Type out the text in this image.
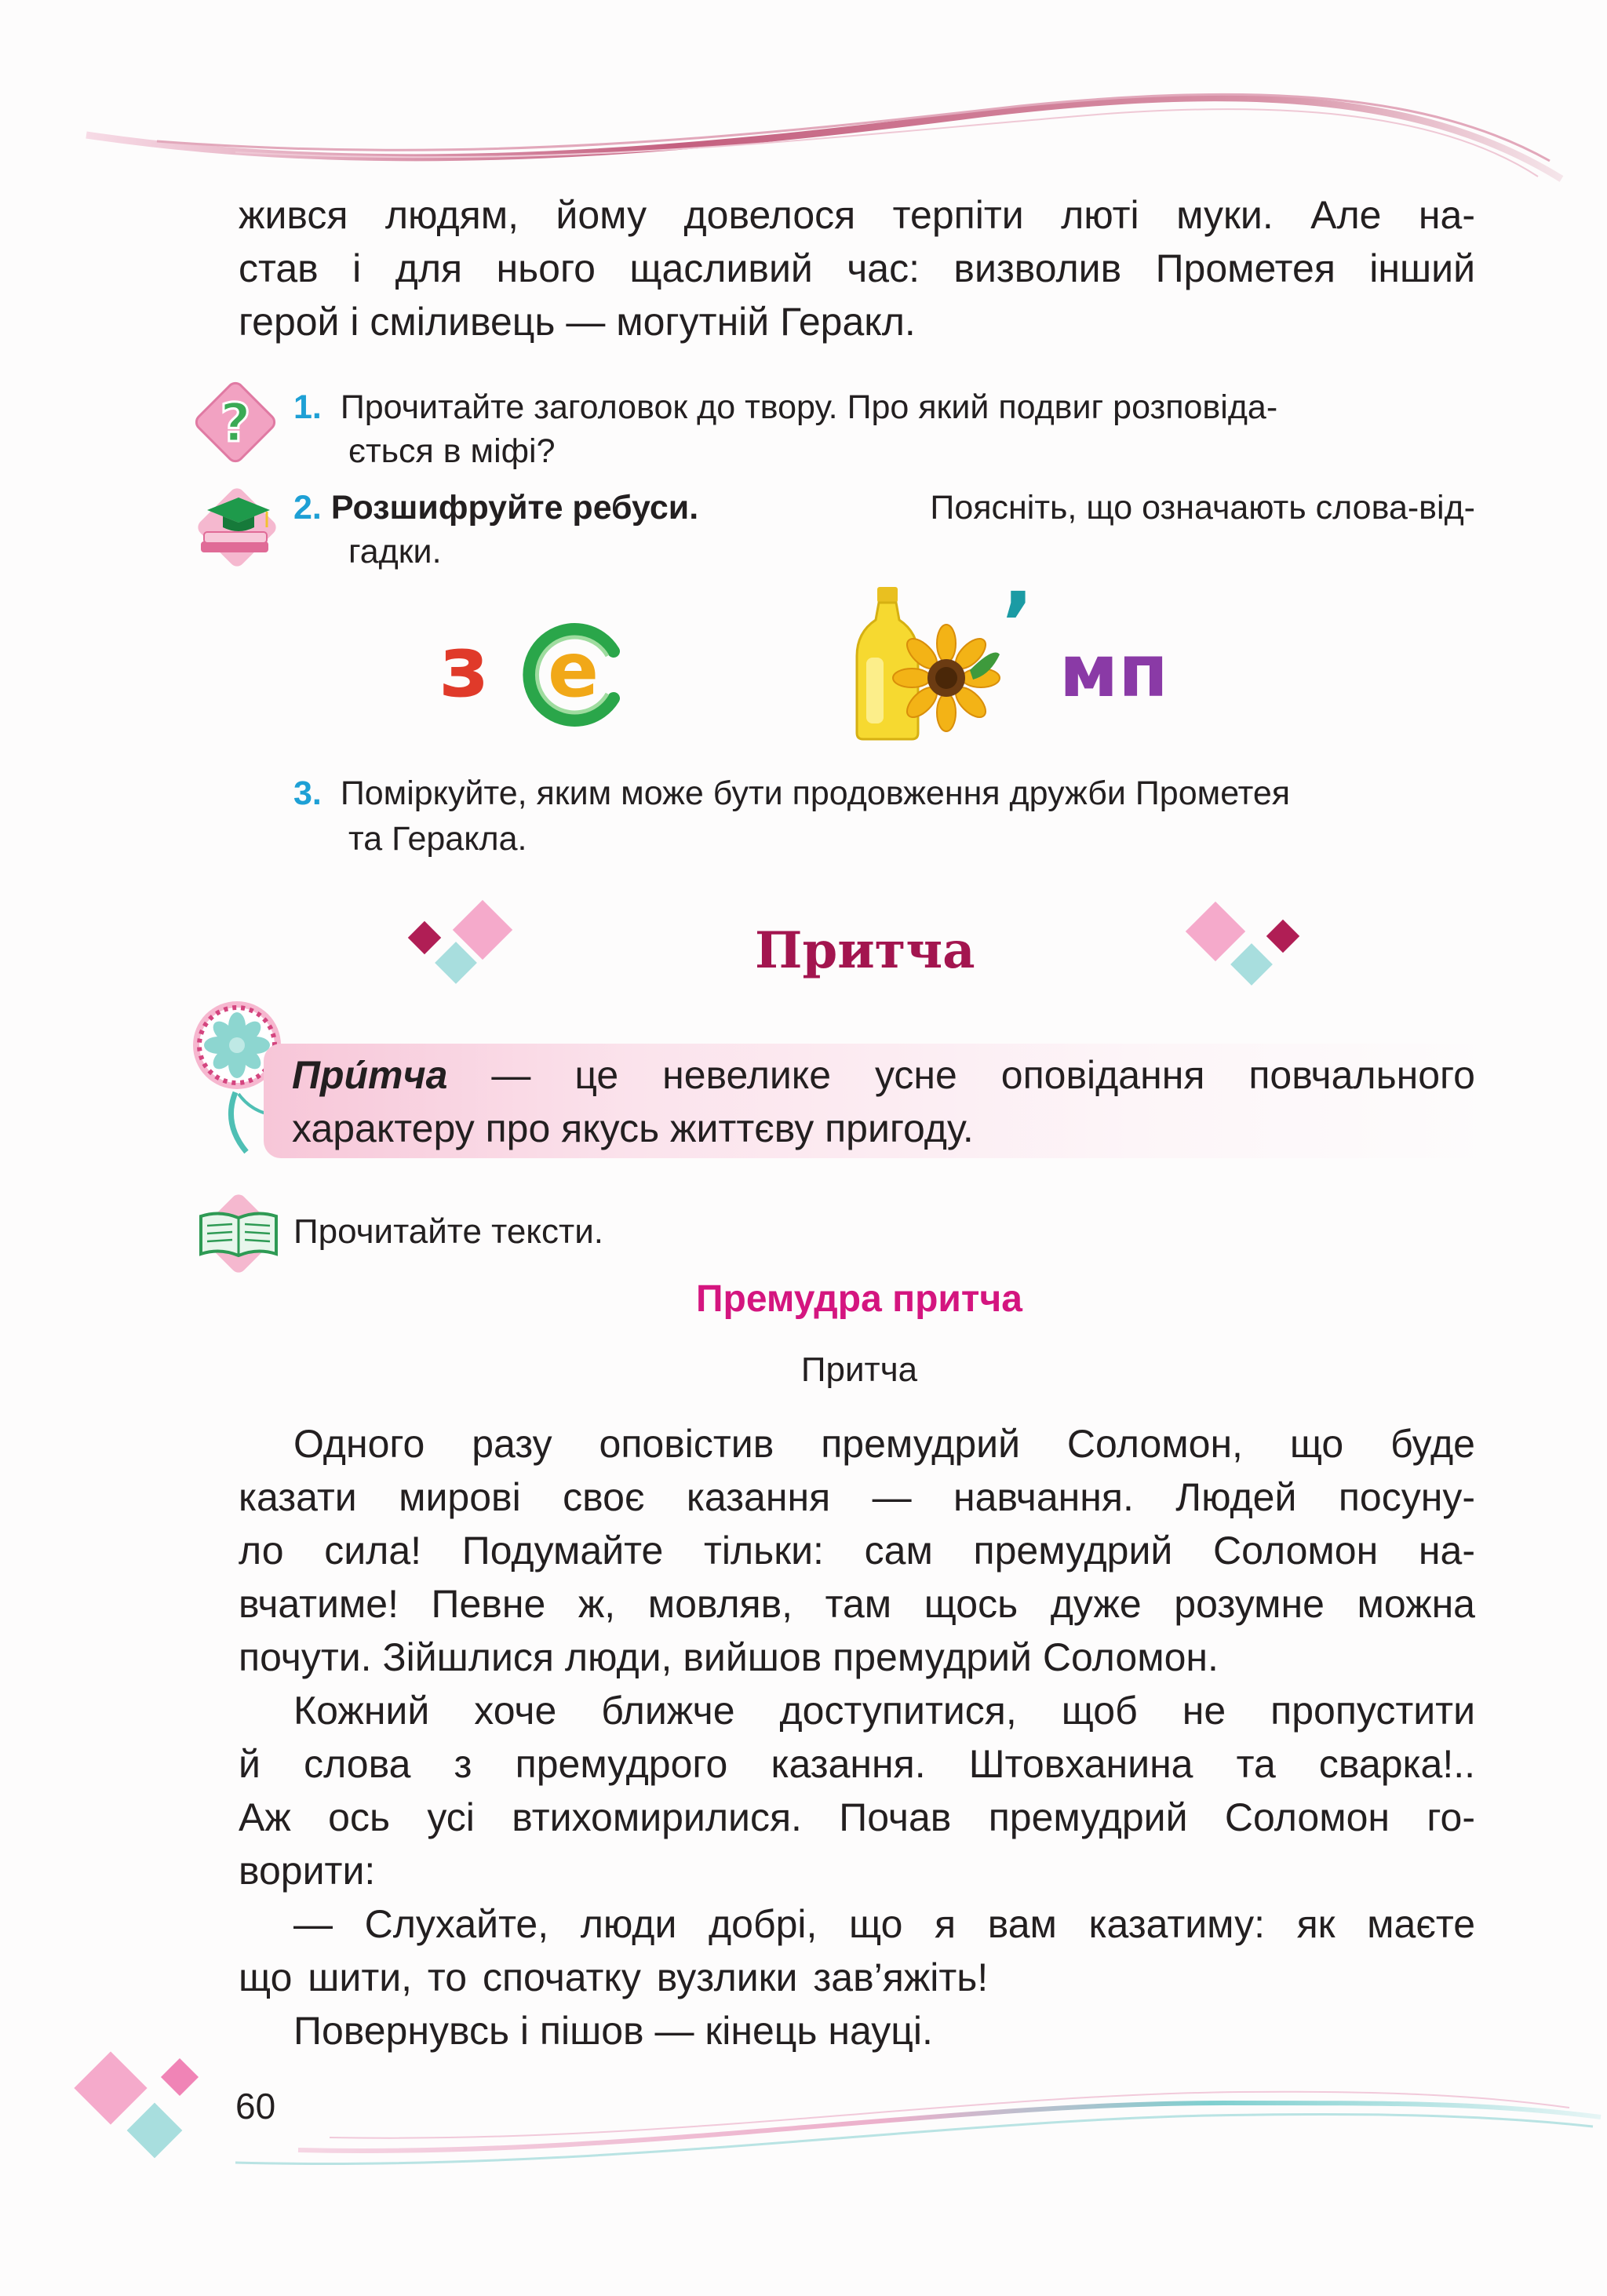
жився людям, йому довелося терпіти люті муки. Але на-
став і для нього щасливий час: визволив Прометея інший
герой і сміливець — могутній Геракл.
? 1. Прочитайте заголовок до твору. Про який подвиг розповіда-
ється в міфі?
2. Розшифруйте ребуси.	Поясніть, що означають слова-від-
гадки.
з е	’ мп
3. Поміркуйте, яким може бути продовження дружби Прометея
та Геракла.
Притча
При́тча — це невелике усне оповідання повчального
характеру про якусь життєву пригоду.
Прочитайте тексти.
Премудра притча
Притча
Одного разу оповістив премудрий Соломон, що буде
казати мирові своє казання — навчання. Людей посуну-
ло сила! Подумайте тільки: сам премудрий Соломон на-
вчатиме! Певне ж, мовляв, там щось дуже розумне можна
почути. Зійшлися люди, вийшов премудрий Соломон.
Кожний хоче ближче доступитися, щоб не пропустити
й слова з премудрого казання. Штовханина та сварка!..
Аж ось усі втихомирилися. Почав премудрий Соломон го-
ворити:
— Слухайте, люди добрі, що я вам казатиму: як маєте
що шити, то спочатку вузлики зав’яжіть!
Повернувсь і пішов — кінець науці.
60
